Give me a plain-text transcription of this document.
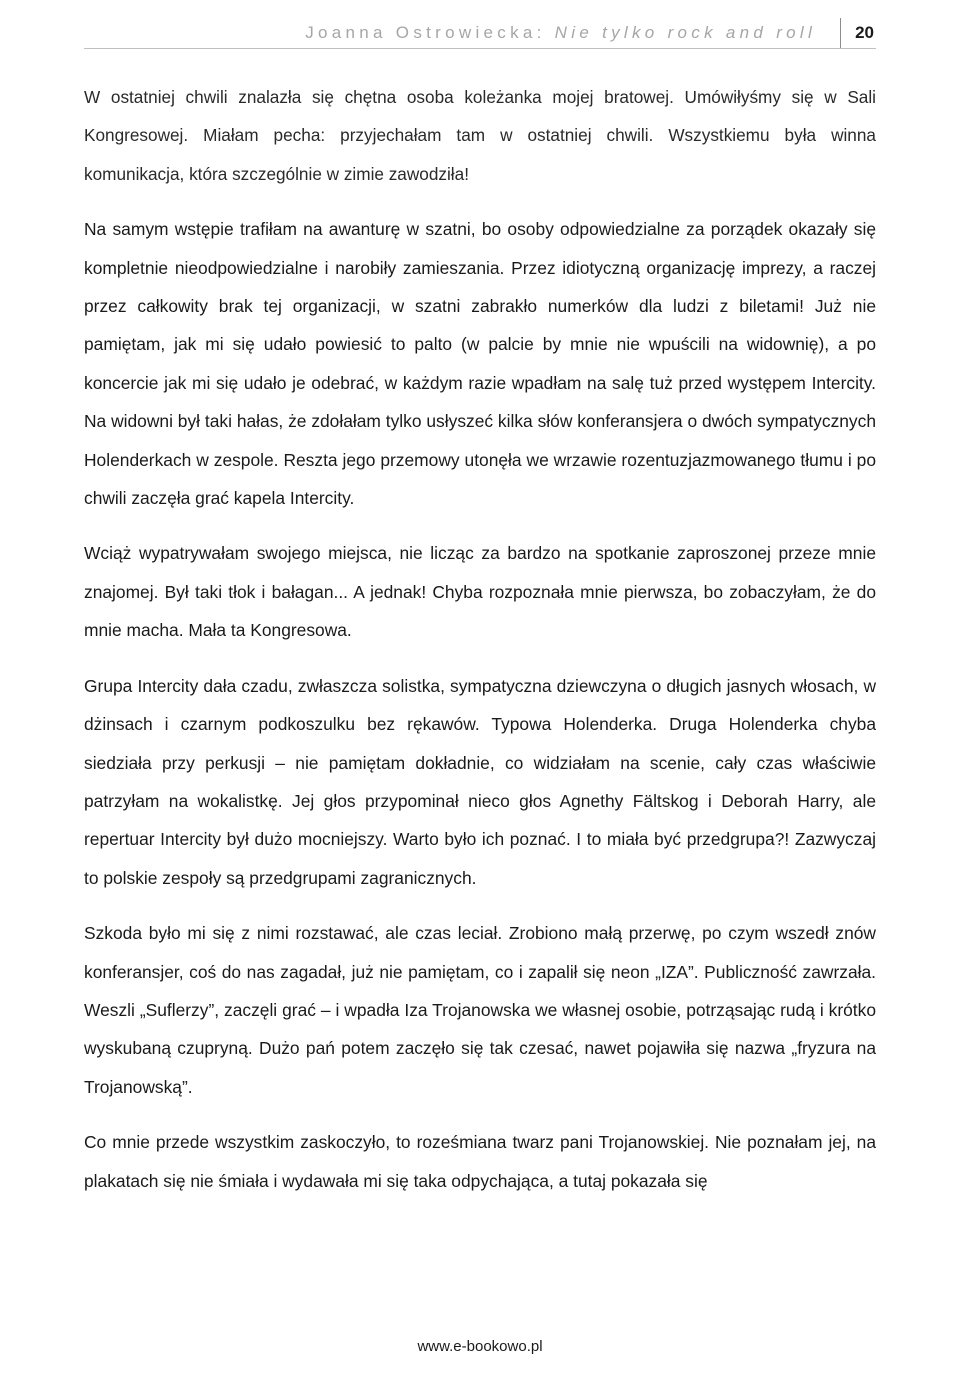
Joanna Ostrowiecka: Nie tylko rock and roll	20

W ostatniej chwili znalazła się chętna osoba koleżanka mojej bratowej. Umówiłyśmy się w Sali Kongresowej. Miałam pecha: przyjechałam tam w ostatniej chwili. Wszystkiemu była winna komunikacja, która szczególnie w zimie zawodziła!

Na samym wstępie trafiłam na awanturę w szatni, bo osoby odpowiedzialne za porządek okazały się kompletnie nieodpowiedzialne i narobiły zamieszania. Przez idiotyczną organizację imprezy, a raczej przez całkowity brak tej organizacji, w szatni zabrakło numerków dla ludzi z biletami! Już nie pamiętam, jak mi się udało powiesić to palto (w palcie by mnie nie wpuścili na widownię), a po koncercie jak mi się udało je odebrać, w każdym razie wpadłam na salę tuż przed występem Intercity. Na widowni był taki hałas, że zdołałam tylko usłyszeć kilka słów konferansjera o dwóch sympatycznych Holenderkach w zespole. Reszta jego przemowy utonęła we wrzawie rozentuzjazmowanego tłumu i po chwili zaczęła grać kapela Intercity.

Wciąż wypatrywałam swojego miejsca, nie licząc za bardzo na spotkanie zaproszonej przeze mnie znajomej. Był taki tłok i bałagan... A jednak! Chyba rozpoznała mnie pierwsza, bo zobaczyłam, że do mnie macha. Mała ta Kongresowa.

Grupa Intercity dała czadu, zwłaszcza solistka, sympatyczna dziewczyna o długich jasnych włosach, w dżinsach i czarnym podkoszulku bez rękawów. Typowa Holenderka. Druga Holenderka chyba siedziała przy perkusji – nie pamiętam dokładnie, co widziałam na scenie, cały czas właściwie patrzyłam na wokalistkę. Jej głos przypominał nieco głos Agnethy Fältskog i Deborah Harry, ale repertuar Intercity był dużo mocniejszy. Warto było ich poznać. I to miała być przedgrupa?! Zazwyczaj to polskie zespoły są przedgrupami zagranicznych.

Szkoda było mi się z nimi rozstawać, ale czas leciał. Zrobiono małą przerwę, po czym wszedł znów konferansjer, coś do nas zagadał, już nie pamiętam, co i zapalił się neon „IZA”. Publiczność zawrzała. Weszli „Suflerzy”, zaczęli grać – i wpadła Iza Trojanowska we własnej osobie, potrząsając rudą i krótko wyskubaną czupryną. Dużo pań potem zaczęło się tak czesać, nawet pojawiła się nazwa „fryzura na Trojanowską”.

Co mnie przede wszystkim zaskoczyło, to roześmiana twarz pani Trojanowskiej. Nie poznałam jej, na plakatach się nie śmiała i wydawała mi się taka odpychająca, a tutaj pokazała się

www.e-bookowo.pl
